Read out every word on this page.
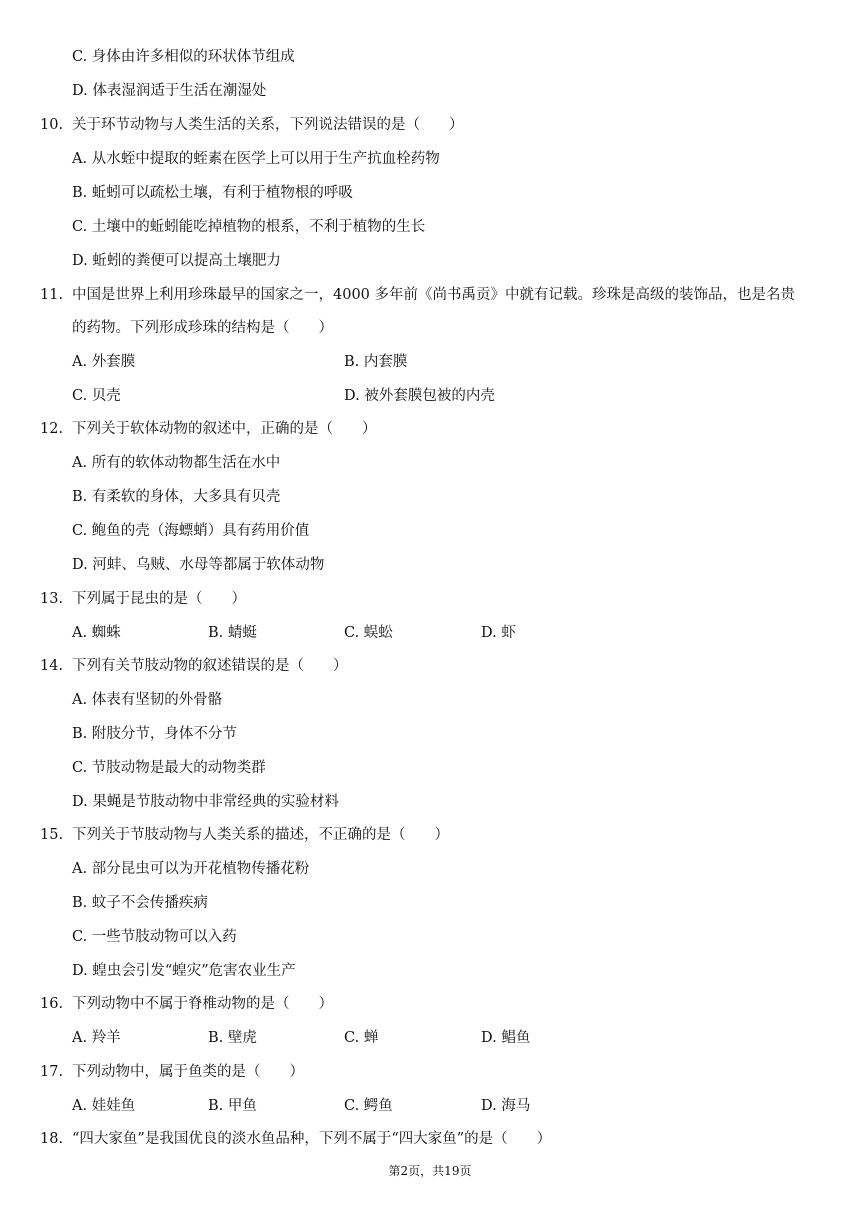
C. 身体由许多相似的环状体节组成
D. 体表湿润适于生活在潮湿处
10. 关于环节动物与人类生活的关系，下列说法错误的是（　　）
A. 从水蛭中提取的蛭素在医学上可以用于生产抗血栓药物
B. 蚯蚓可以疏松土壤，有利于植物根的呼吸
C. 土壤中的蚯蚓能吃掉植物的根系，不利于植物的生长
D. 蚯蚓的粪便可以提高土壤肥力
11. 中国是世界上利用珍珠最早的国家之一，4000 多年前《尚书禹贡》中就有记载。珍珠是高级的装饰品，也是名贵
的药物。下列形成珍珠的结构是（　　）
A. 外套膜	B. 内套膜
C. 贝壳	D. 被外套膜包被的内壳
12. 下列关于软体动物的叙述中，正确的是（　　）
A. 所有的软体动物都生活在水中
B. 有柔软的身体，大多具有贝壳
C. 鲍鱼的壳（海螵蛸）具有药用价值
D. 河蚌、乌贼、水母等都属于软体动物
13. 下列属于昆虫的是（　　）
A. 蜘蛛	B. 蜻蜓	C. 蜈蚣	D. 虾
14. 下列有关节肢动物的叙述错误的是（　　）
A. 体表有坚韧的外骨骼
B. 附肢分节，身体不分节
C. 节肢动物是最大的动物类群
D. 果蝇是节肢动物中非常经典的实验材料
15. 下列关于节肢动物与人类关系的描述，不正确的是（　　）
A. 部分昆虫可以为开花植物传播花粉
B. 蚊子不会传播疾病
C. 一些节肢动物可以入药
D. 蝗虫会引发“蝗灾”危害农业生产
16. 下列动物中不属于脊椎动物的是（　　）
A. 羚羊	B. 壁虎	C. 蝉	D. 鲳鱼
17. 下列动物中，属于鱼类的是（　　）
A. 娃娃鱼	B. 甲鱼	C. 鳄鱼	D. 海马
18. “四大家鱼”是我国优良的淡水鱼品种，下列不属于“四大家鱼”的是（　　）
第2页，共19页
